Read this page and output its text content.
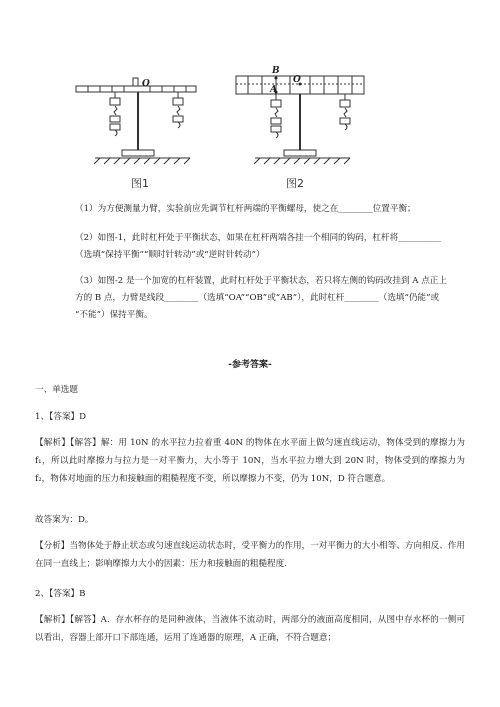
O
B
A
O
图1	图2
（1）为方便测量力臂，实验前应先调节杠杆两端的平衡螺母，使之在________位置平衡；
（2）如图-1，此时杠杆处于平衡状态，如果在杠杆两端各挂一个相同的钩码，杠杆将__________
（选填“保持平衡”“顺时针转动”或“逆时针转动”）
（3）如图-2 是一个加宽的杠杆装置，此时杠杆处于平衡状态，若只将左侧的钩码改挂到 A 点正上
方的 B 点，力臂是线段________（选填“OA”“OB”或“AB”），此时杠杆________（选填“仍能”或
“不能”）保持平衡。
-参考答案-
一、单选题
1、【答案】D
【解析】【解答】解：用 10N 的水平拉力拉着重 40N 的物体在水平面上做匀速直线运动，物体受到的摩擦力为 f₁，所以此时摩擦力与拉力是一对平衡力，大小等于 10N，当水平拉力增大到 20N 时，物体受到的摩擦力为 f₂，物体对地面的压力和接触面的粗糙程度不变，所以摩擦力不变，仍为 10N，D 符合题意。
故答案为：D。
【分析】当物体处于静止状态或匀速直线运动状态时，受平衡力的作用，一对平衡力的大小相等、方向相反、作用在同一直线上；影响摩擦力大小的因素：压力和接触面的粗糙程度.
2、【答案】B
【解析】【解答】A．存水杯存的是同种液体，当液体不流动时，两部分的液面高度相同，从图中存水杯的一侧可以看出，容器上部开口下部连通，运用了连通器的原理，A 正确，不符合题意；
